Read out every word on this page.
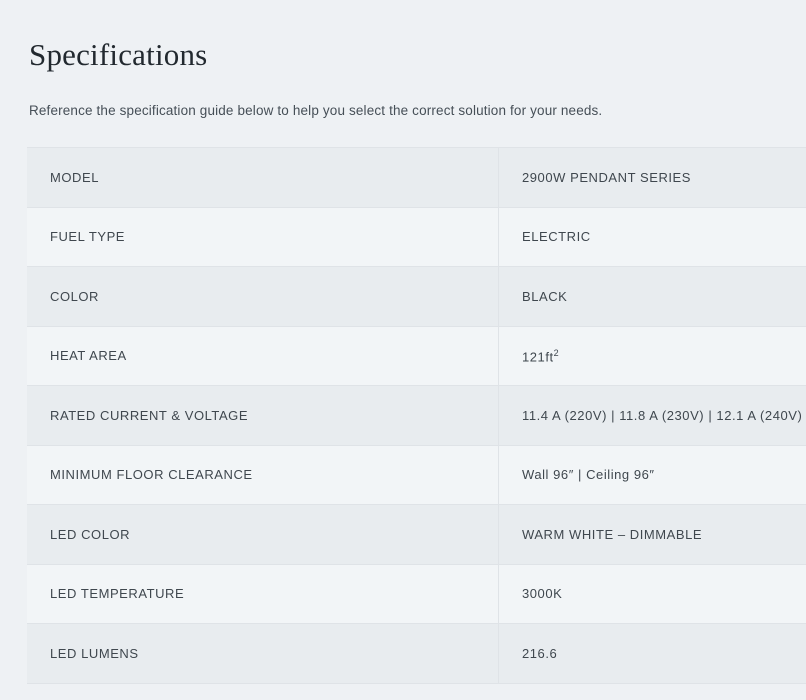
Specifications

Reference the specification guide below to help you select the correct solution for your needs.

MODEL	2900W PENDANT SERIES
FUEL TYPE	ELECTRIC
COLOR	BLACK
HEAT AREA	$121ft^2$
RATED CURRENT & VOLTAGE	11.4 A (220V) | 11.8 A (230V) | 12.1 A (240V)
MINIMUM FLOOR CLEARANCE	Wall 96″ | Ceiling 96″
LED COLOR	WARM WHITE – DIMMABLE
LED TEMPERATURE	3000K
LED LUMENS	216.6
